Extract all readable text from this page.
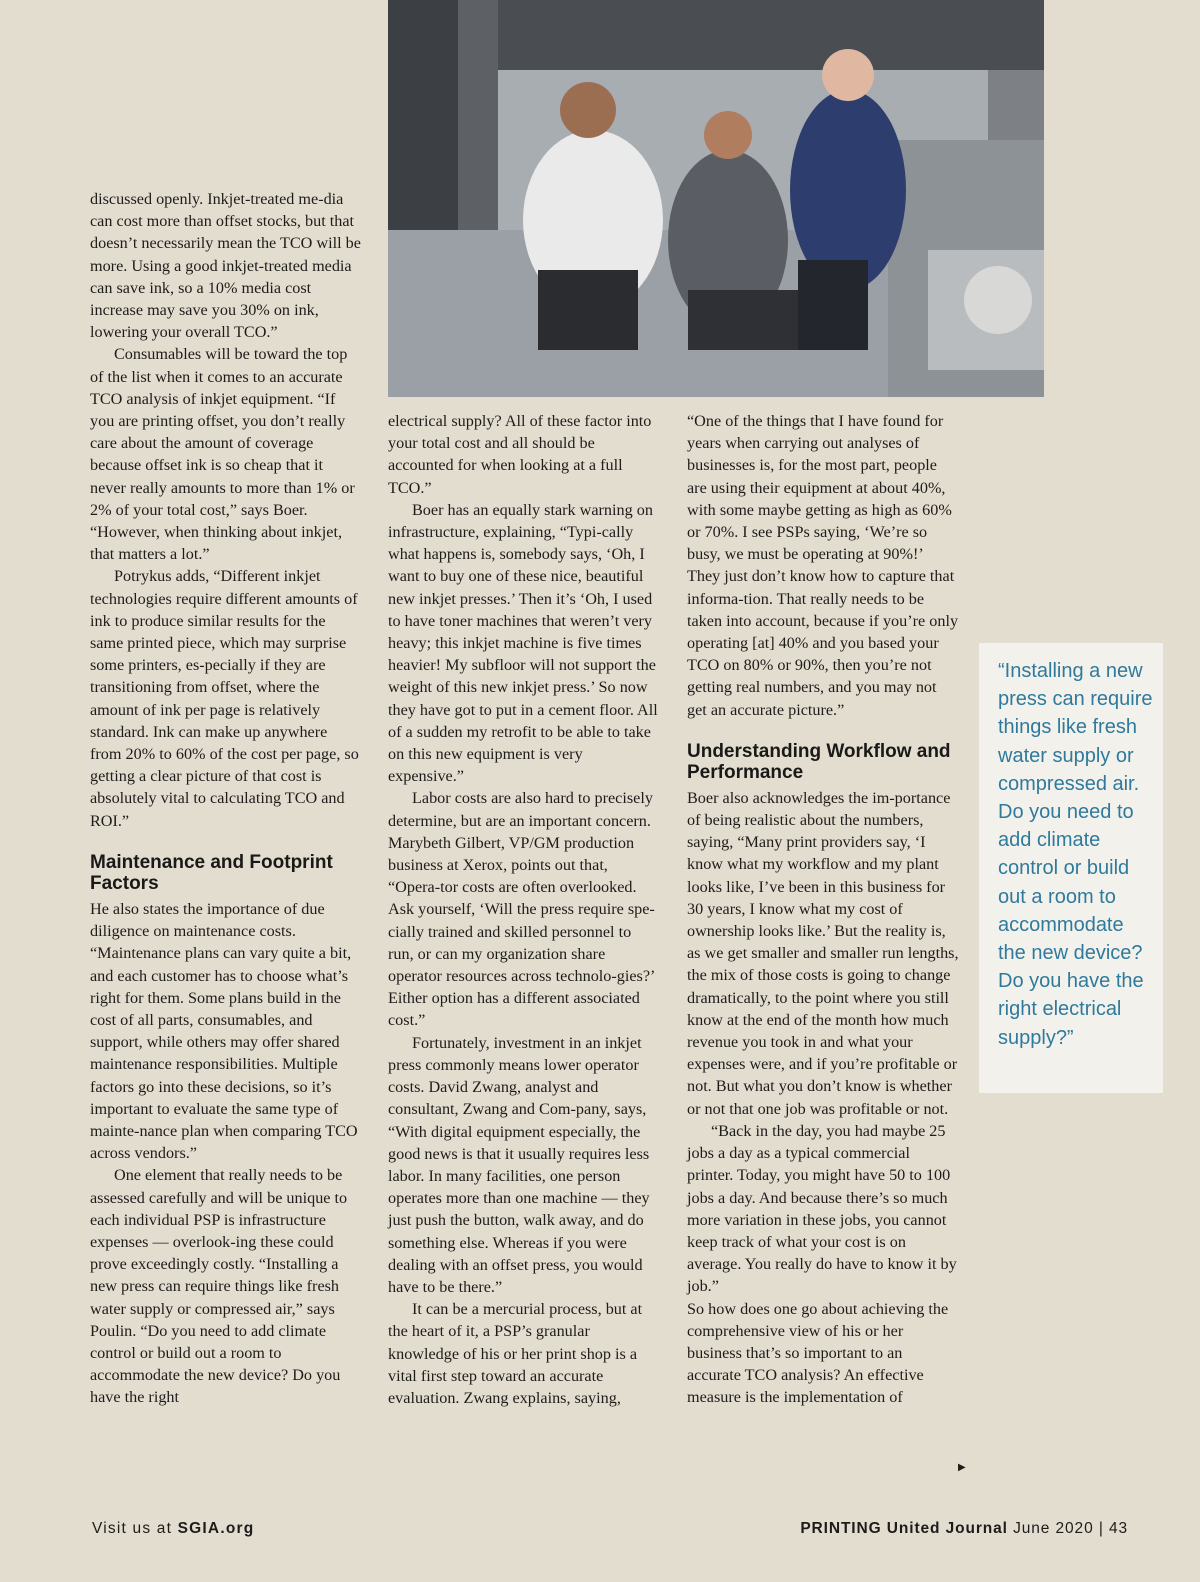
discussed openly. Inkjet-treated me-dia can cost more than offset stocks, but that doesn’t necessarily mean the TCO will be more. Using a good inkjet-treated media can save ink, so a 10% media cost increase may save you 30% on ink, lowering your overall TCO.”

Consumables will be toward the top of the list when it comes to an accurate TCO analysis of inkjet equipment. “If you are printing offset, you don’t really care about the amount of coverage because offset ink is so cheap that it never really amounts to more than 1% or 2% of your total cost,” says Boer. “However, when thinking about inkjet, that matters a lot.”

Potrykus adds, “Different inkjet technologies require different amounts of ink to produce similar results for the same printed piece, which may surprise some printers, es-pecially if they are transitioning from offset, where the amount of ink per page is relatively standard. Ink can make up anywhere from 20% to 60% of the cost per page, so getting a clear picture of that cost is absolutely vital to calculating TCO and ROI.”

Maintenance and Footprint Factors

He also states the importance of due diligence on maintenance costs. “Maintenance plans can vary quite a bit, and each customer has to choose what’s right for them. Some plans build in the cost of all parts, consumables, and support, while others may offer shared maintenance responsibilities. Multiple factors go into these decisions, so it’s important to evaluate the same type of mainte-nance plan when comparing TCO across vendors.”

One element that really needs to be assessed carefully and will be unique to each individual PSP is infrastructure expenses — overlook-ing these could prove exceedingly costly. “Installing a new press can require things like fresh water supply or compressed air,” says Poulin. “Do you need to add climate control or build out a room to accommodate the new device? Do you have the right

electrical supply? All of these factor into your total cost and all should be accounted for when looking at a full TCO.”

Boer has an equally stark warning on infrastructure, explaining, “Typi-cally what happens is, somebody says, ‘Oh, I want to buy one of these nice, beautiful new inkjet presses.’ Then it’s ‘Oh, I used to have toner machines that weren’t very heavy; this inkjet machine is five times heavier! My subfloor will not support the weight of this new inkjet press.’ So now they have got to put in a cement floor. All of a sudden my retrofit to be able to take on this new equipment is very expensive.”

Labor costs are also hard to precisely determine, but are an important concern. Marybeth Gilbert, VP/GM production business at Xerox, points out that, “Opera-tor costs are often overlooked. Ask yourself, ‘Will the press require spe-cially trained and skilled personnel to run, or can my organization share operator resources across technolo-gies?’ Either option has a different associated cost.”

Fortunately, investment in an inkjet press commonly means lower operator costs. David Zwang, analyst and consultant, Zwang and Com-pany, says, “With digital equipment especially, the good news is that it usually requires less labor. In many facilities, one person operates more than one machine — they just push the button, walk away, and do something else. Whereas if you were dealing with an offset press, you would have to be there.”

It can be a mercurial process, but at the heart of it, a PSP’s granular knowledge of his or her print shop is a vital first step toward an accurate evaluation. Zwang explains, saying,

“One of the things that I have found for years when carrying out analyses of businesses is, for the most part, people are using their equipment at about 40%, with some maybe getting as high as 60% or 70%. I see PSPs saying, ‘We’re so busy, we must be operating at 90%!’ They just don’t know how to capture that informa-tion. That really needs to be taken into account, because if you’re only operating [at] 40% and you based your TCO on 80% or 90%, then you’re not getting real numbers, and you may not get an accurate picture.”

Understanding Workflow and Performance

Boer also acknowledges the im-portance of being realistic about the numbers, saying, “Many print providers say, ‘I know what my workflow and my plant looks like, I’ve been in this business for 30 years, I know what my cost of ownership looks like.’ But the reality is, as we get smaller and smaller run lengths, the mix of those costs is going to change dramatically, to the point where you still know at the end of the month how much revenue you took in and what your expenses were, and if you’re profitable or not. But what you don’t know is whether or not that one job was profitable or not.

“Back in the day, you had maybe 25 jobs a day as a typical commercial printer. Today, you might have 50 to 100 jobs a day. And because there’s so much more variation in these jobs, you cannot keep track of what your cost is on average. You really do have to know it by job.”

So how does one go about achieving the comprehensive view of his or her business that’s so important to an accurate TCO analysis? An effective measure is the implementation of

▶

“Installing a new press can require things like fresh water supply or compressed air. Do you need to add climate control or build out a room to accommodate the new device? Do you have the right electrical supply?”

Visit us at SGIA.org	PRINTING United Journal June 2020 | 43
